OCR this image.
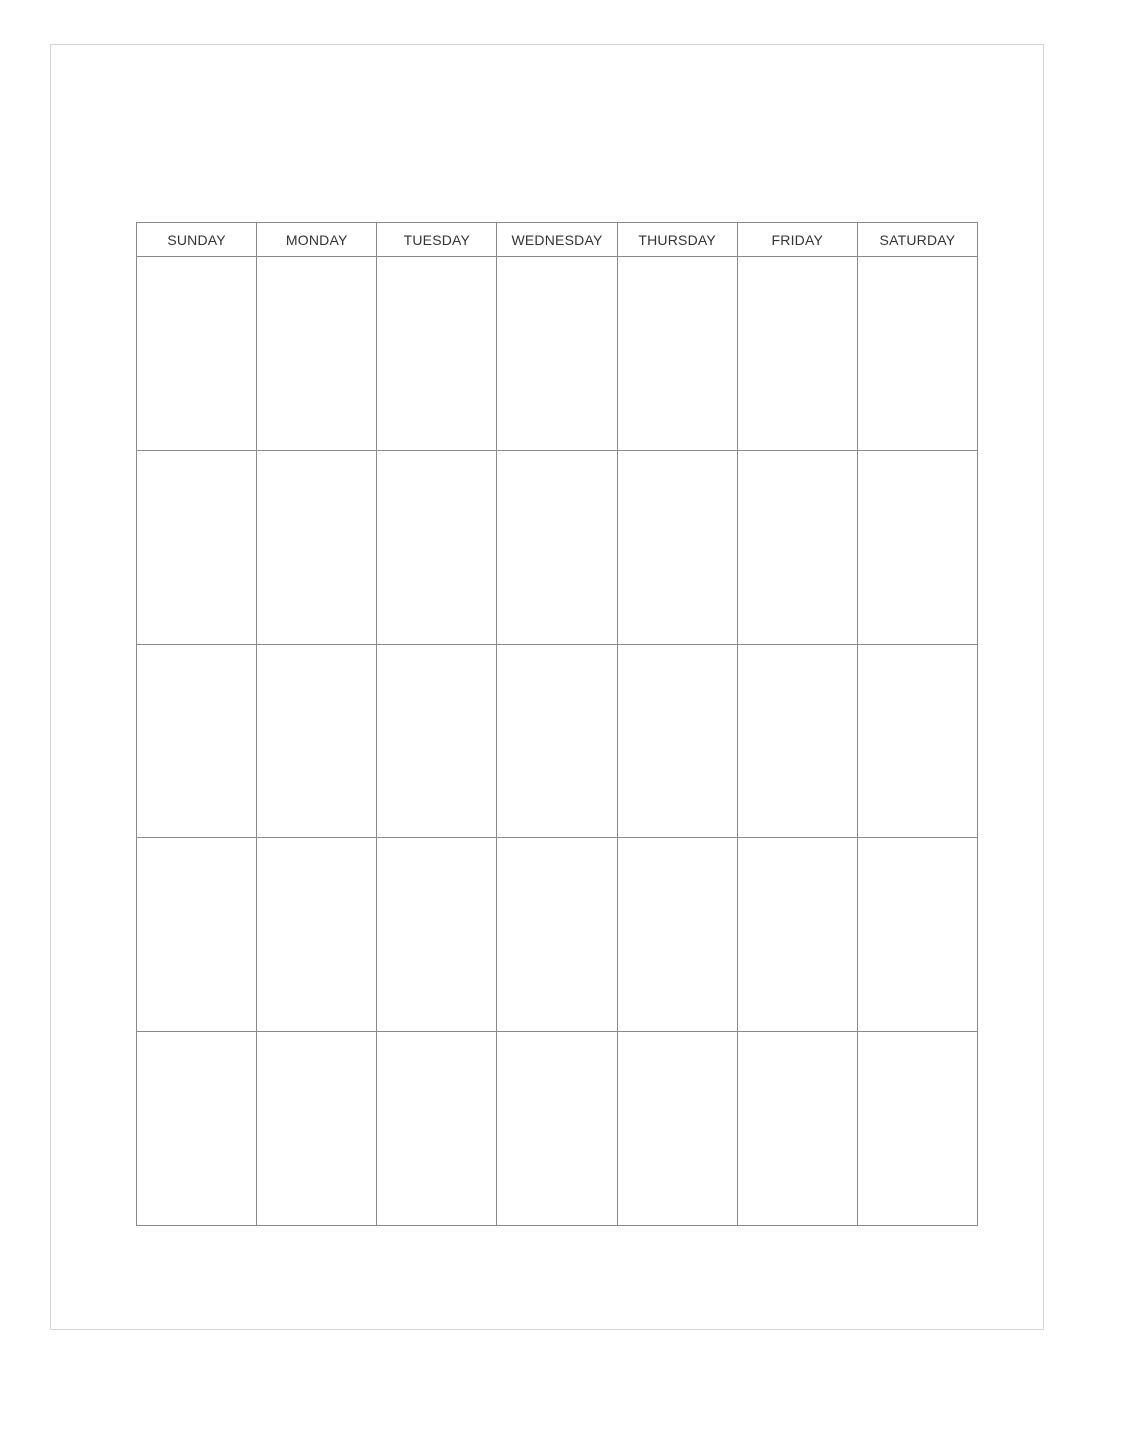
SUNDAY	MONDAY	TUESDAY	WEDNESDAY	THURSDAY	FRIDAY	SATURDAY
